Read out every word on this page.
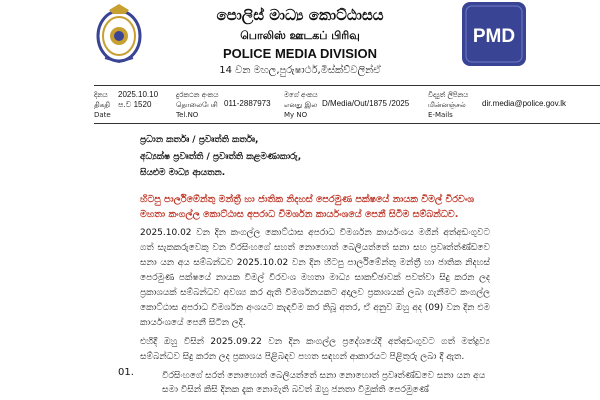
PMD
පොලිස් මාධ්‍ය කොට්ඨාසය
பொலிஸ் ஊடகப் பிரிவு
POLICE MEDIA DIVISION
14 වන මහල,පුරුෂාර්ථ,මිස්ක්ව්වලින්ඒ
දිනය
திகதி
Date
2025.10.10
ප.ව 1520
දුරකථන අංකය
தொலைபேசி
Tel.NO
011-2887973
මගේ අංකය
எனது இல
My NO
D/Media/Out/1875 /2025
විද්‍යුත් ලිපිනය
மின்னஞ்சல்
E-Mails
dir.media@police.gov.lk
ප්‍රධාන කර්තෘ / ප්‍රවෘත්ති කර්තෘ,
අධ්‍යක්ෂ ප්‍රවෘත්ති / ප්‍රවෘත්ති කළමණාකාරු,
සියළුම මාධ්‍ය ආයතන.
හිටපු පාර්ලිමේන්තු මන්ත්‍රී හා ජාතික නිදහස් පෙරමුණ පක්ෂයේ නායක විමල් වීරවංශ මහතා කංගල්ල කොට්ඨාස අපරාධ විමර්ශන කාර්යංශයේ පෙනී සිටීම සම්බන්ධව.
2025.10.02 වන දින කංගල්ල කොට්ඨාස අපරාධ විමර්ශන කාර්යංශය මගින් අත්අඩංගුවට ගත් සැකකරුවෙකු වන විරසිංහගේ සහත් නොහොත් බෙලියත්තේ සනා සහ ප්‍රවෘත්ත්ණ්ඩවෙ සනා යන අය සම්බන්ධව 2025.10.02 වන දින හිටපු පාර්ලිමේන්තු මන්ත්‍රී හා ජාතික නිදහස් පෙරමුණ පක්ෂයේ නායක විමල් වීරවංශ මහතා මාධ්‍ය සාකච්ඡාවක් පවත්වා සිදු කරන ලද ප්‍රකාශයක් සම්බන්ධව අවශ්‍ය කර ඇති විමර්ශනයකට අදාලව ප්‍රකාශයක් ලබා ගැනීමට කංගල්ල කොට්ඨාස අපරාධ විමර්ශන අංශයට කැඳවීම කර තිබූ අතර, ඒ අනුව ඔහු අද (09) වන දින එම කාර්යංශයේ පෙනී සිටින ලදී.
එහිදී ඔහු විසින් 2025.09.22 වන දින කංගල්ල ප්‍රදේශයේදී අත්අඩංගුවට ගත් මත්ද්‍රව්‍ය සම්බන්ධව සිදු කරන ලද ප්‍රකාශය පිළිබඳව පහත සඳහන් ආකාරයට පිළිතුරු ලබා දී ඇත.
01.	විරසිංහගේ සරත් නොහොත් බෙලියත්තේ සනා නොහොත් ප්‍රවෘත්ණ්ඩවෙ සනා යන අය සමා විසින් කිසි දිනක දැක නොමැති බවත් ඔහු ජනතා විමුක්ති පෙරමුණේ
